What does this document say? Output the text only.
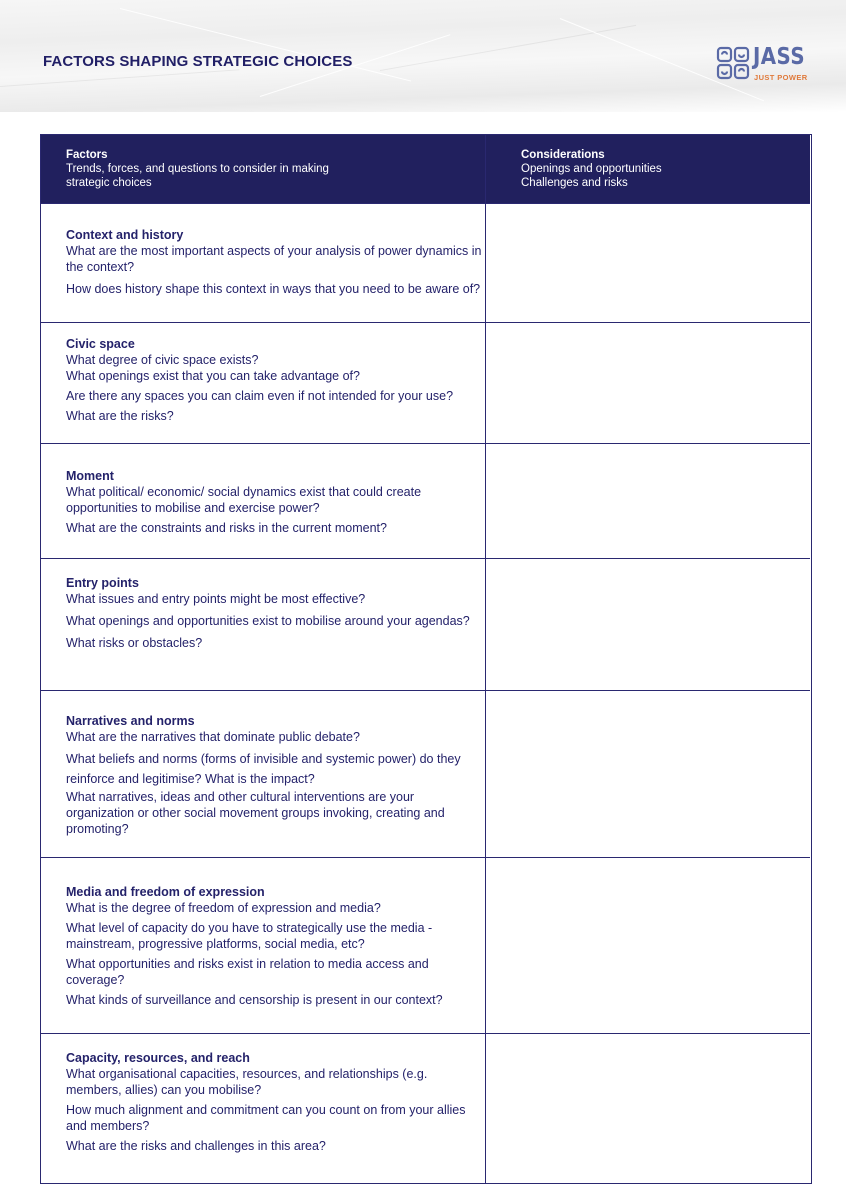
FACTORS SHAPING STRATEGIC CHOICES	JASS
JUST POWER
Factors
Trends, forces, and questions to consider in making
strategic choices
Considerations
Openings and opportunities
Challenges and risks
Context and history
What are the most important aspects of your analysis of power dynamics in the context?
How does history shape this context in ways that you need to be aware of?
Civic space
What degree of civic space exists?
What openings exist that you can take advantage of?
Are there any spaces you can claim even if not intended for your use?
What are the risks?
Moment
What political/ economic/ social dynamics exist that could create opportunities to mobilise and exercise power?
What are the constraints and risks in the current moment?
Entry points
What issues and entry points might be most effective?
What openings and opportunities exist to mobilise around your agendas?
What risks or obstacles?
Narratives and norms
What are the narratives that dominate public debate?
What beliefs and norms (forms of invisible and systemic power) do they reinforce and legitimise? What is the impact?
What narratives, ideas and other cultural interventions are your organization or other social movement groups invoking, creating and promoting?
Media and freedom of expression
What is the degree of freedom of expression and media?
What level of capacity do you have to strategically use the media - mainstream, progressive platforms, social media, etc?
What opportunities and risks exist in relation to media access and coverage?
What kinds of surveillance and censorship is present in our context?
Capacity, resources, and reach
What organisational capacities, resources, and relationships (e.g. members, allies) can you mobilise?
How much alignment and commitment can you count on from your allies and members?
What are the risks and challenges in this area?
